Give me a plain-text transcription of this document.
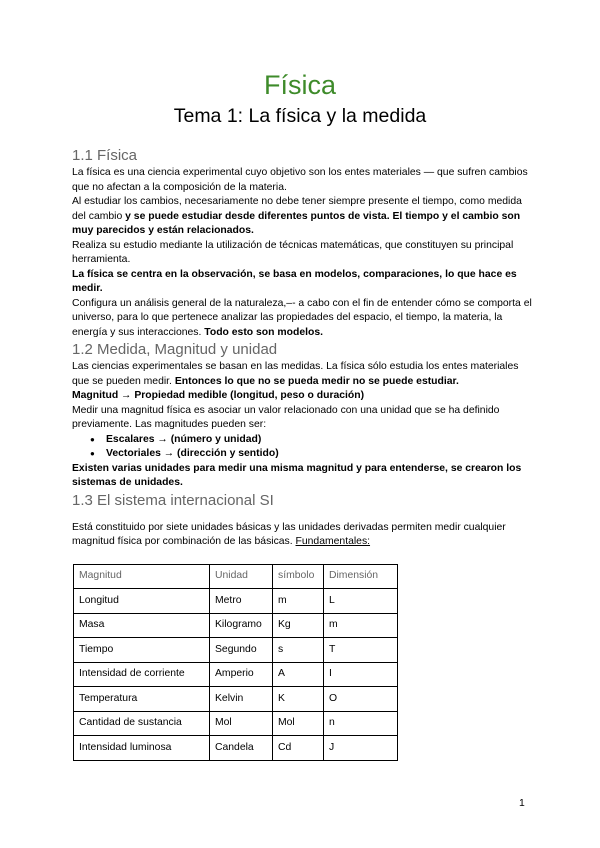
Física
Tema 1: La física y la medida
1.1 Física

La física es una ciencia experimental cuyo objetivo son los entes materiales — que sufren cambios que no afectan a la composición de la materia.

Al estudiar los cambios, necesariamente no debe tener siempre presente el tiempo, como medida del cambio y se puede estudiar desde diferentes puntos de vista. El tiempo y el cambio son muy parecidos y están relacionados.

Realiza su estudio mediante la utilización de técnicas matemáticas, que constituyen su principal herramienta.

La física se centra en la observación, se basa en modelos, comparaciones, lo que hace es medir.

Configura un análisis general de la naturaleza,–- a cabo con el fin de entender cómo se comporta el universo, para lo que pertenece analizar las propiedades del espacio, el tiempo, la materia, la energía y sus interacciones. Todo esto son modelos.

1.2 Medida, Magnitud y unidad

Las ciencias experimentales se basan en las medidas. La física sólo estudia los entes materiales que se pueden medir. Entonces lo que no se pueda medir no se puede estudiar.

Magnitud → Propiedad medible (longitud, peso o duración)

Medir una magnitud física es asociar un valor relacionado con una unidad que se ha definido previamente. Las magnitudes pueden ser:

● Escalares → (número y unidad)
● Vectoriales → (dirección y sentido)

Existen varias unidades para medir una misma magnitud y para entenderse, se crearon los sistemas de unidades.

1.3 El sistema internacional SI

Está constituido por siete unidades básicas y las unidades derivadas permiten medir cualquier magnitud física por combinación de las básicas. Fundamentales:

Magnitud	Unidad	símbolo	Dimensión
Longitud	Metro	m	L
Masa	Kilogramo	Kg	m
Tiempo	Segundo	s	T
Intensidad de corriente	Amperio	A	I
Temperatura	Kelvin	K	O
Cantidad de sustancia	Mol	Mol	n
Intensidad luminosa	Candela	Cd	J
1
